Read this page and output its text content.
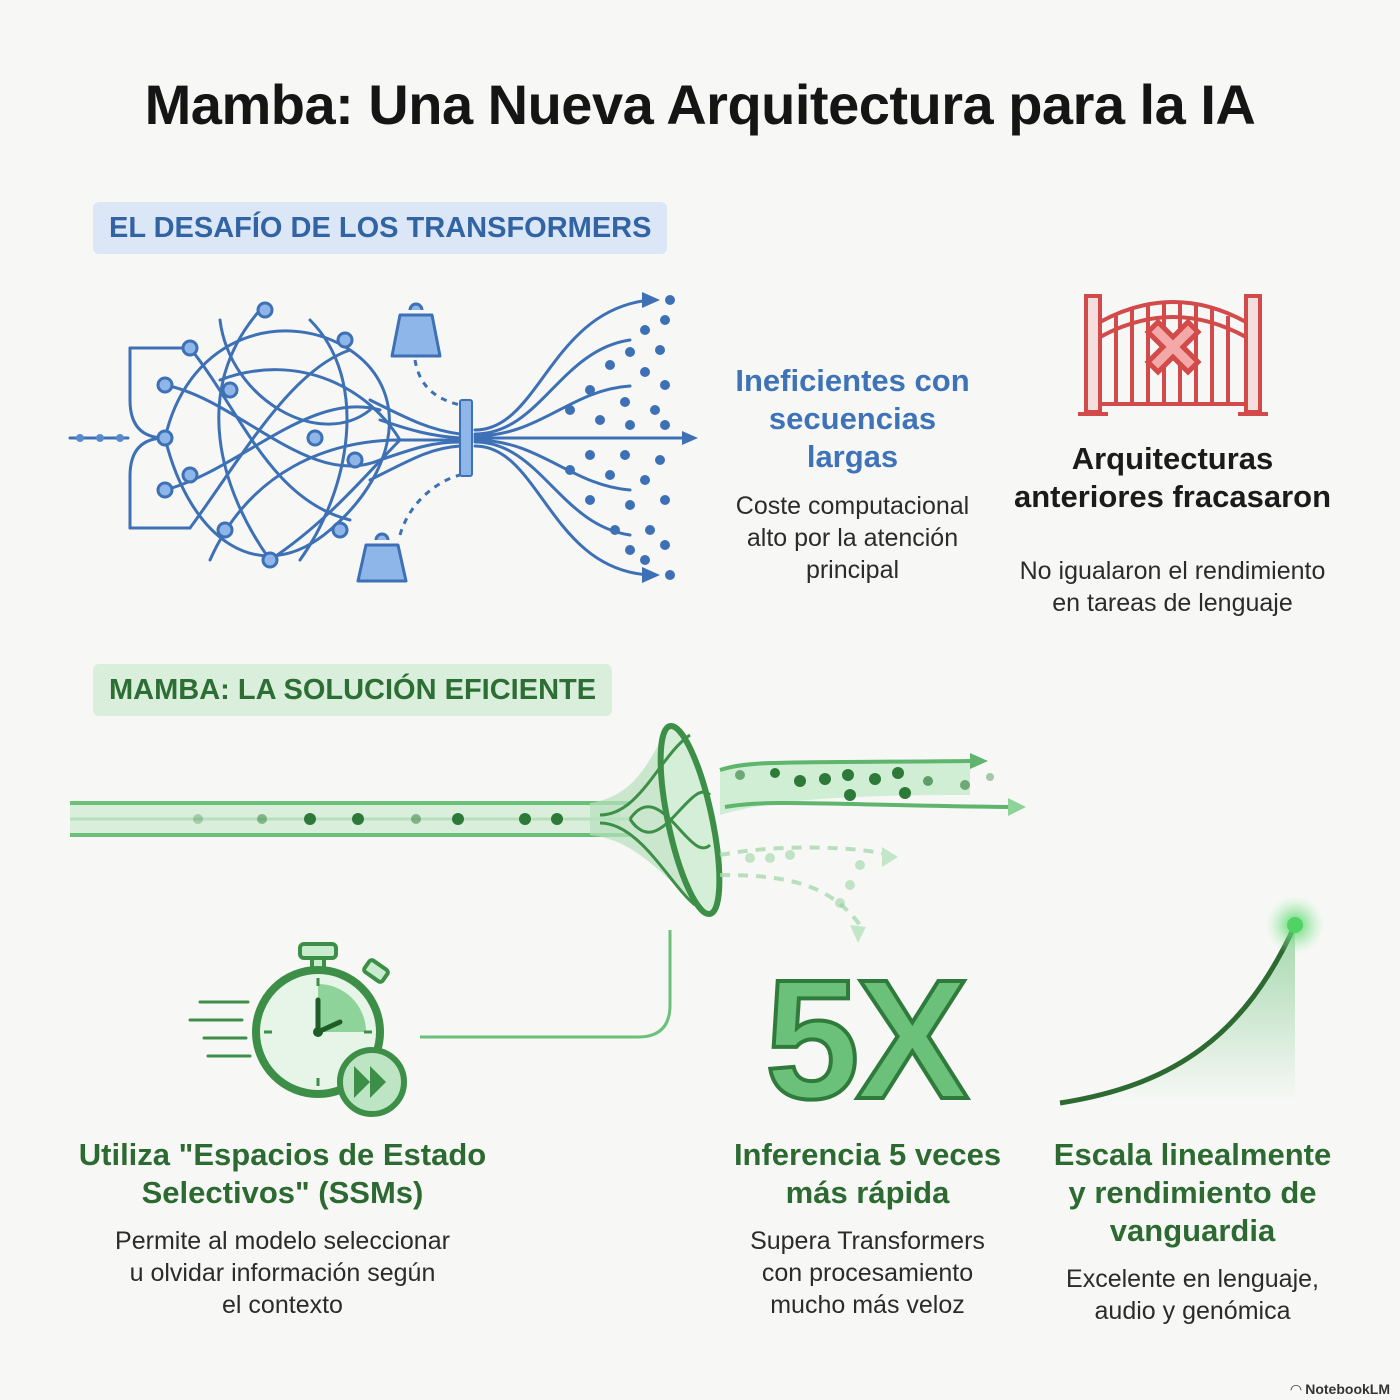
Mamba: Una Nueva Arquitectura para la IA
EL DESAFÍO DE LOS TRANSFORMERS
Ineficientes con
secuencias
largas
Coste computacional
alto por la atención
principal
Arquitecturas
anteriores fracasaron
No igualaron el rendimiento
en tareas de lenguaje
MAMBA: LA SOLUCIÓN EFICIENTE
5X
Utiliza "Espacios de Estado
Selectivos" (SSMs)
Permite al modelo seleccionar
u olvidar información según
el contexto
Inferencia 5 veces
más rápida
Supera Transformers
con procesamiento
mucho más veloz
Escala linealmente
y rendimiento de
vanguardia
Excelente en lenguaje,
audio y genómica
◠ NotebookLM
